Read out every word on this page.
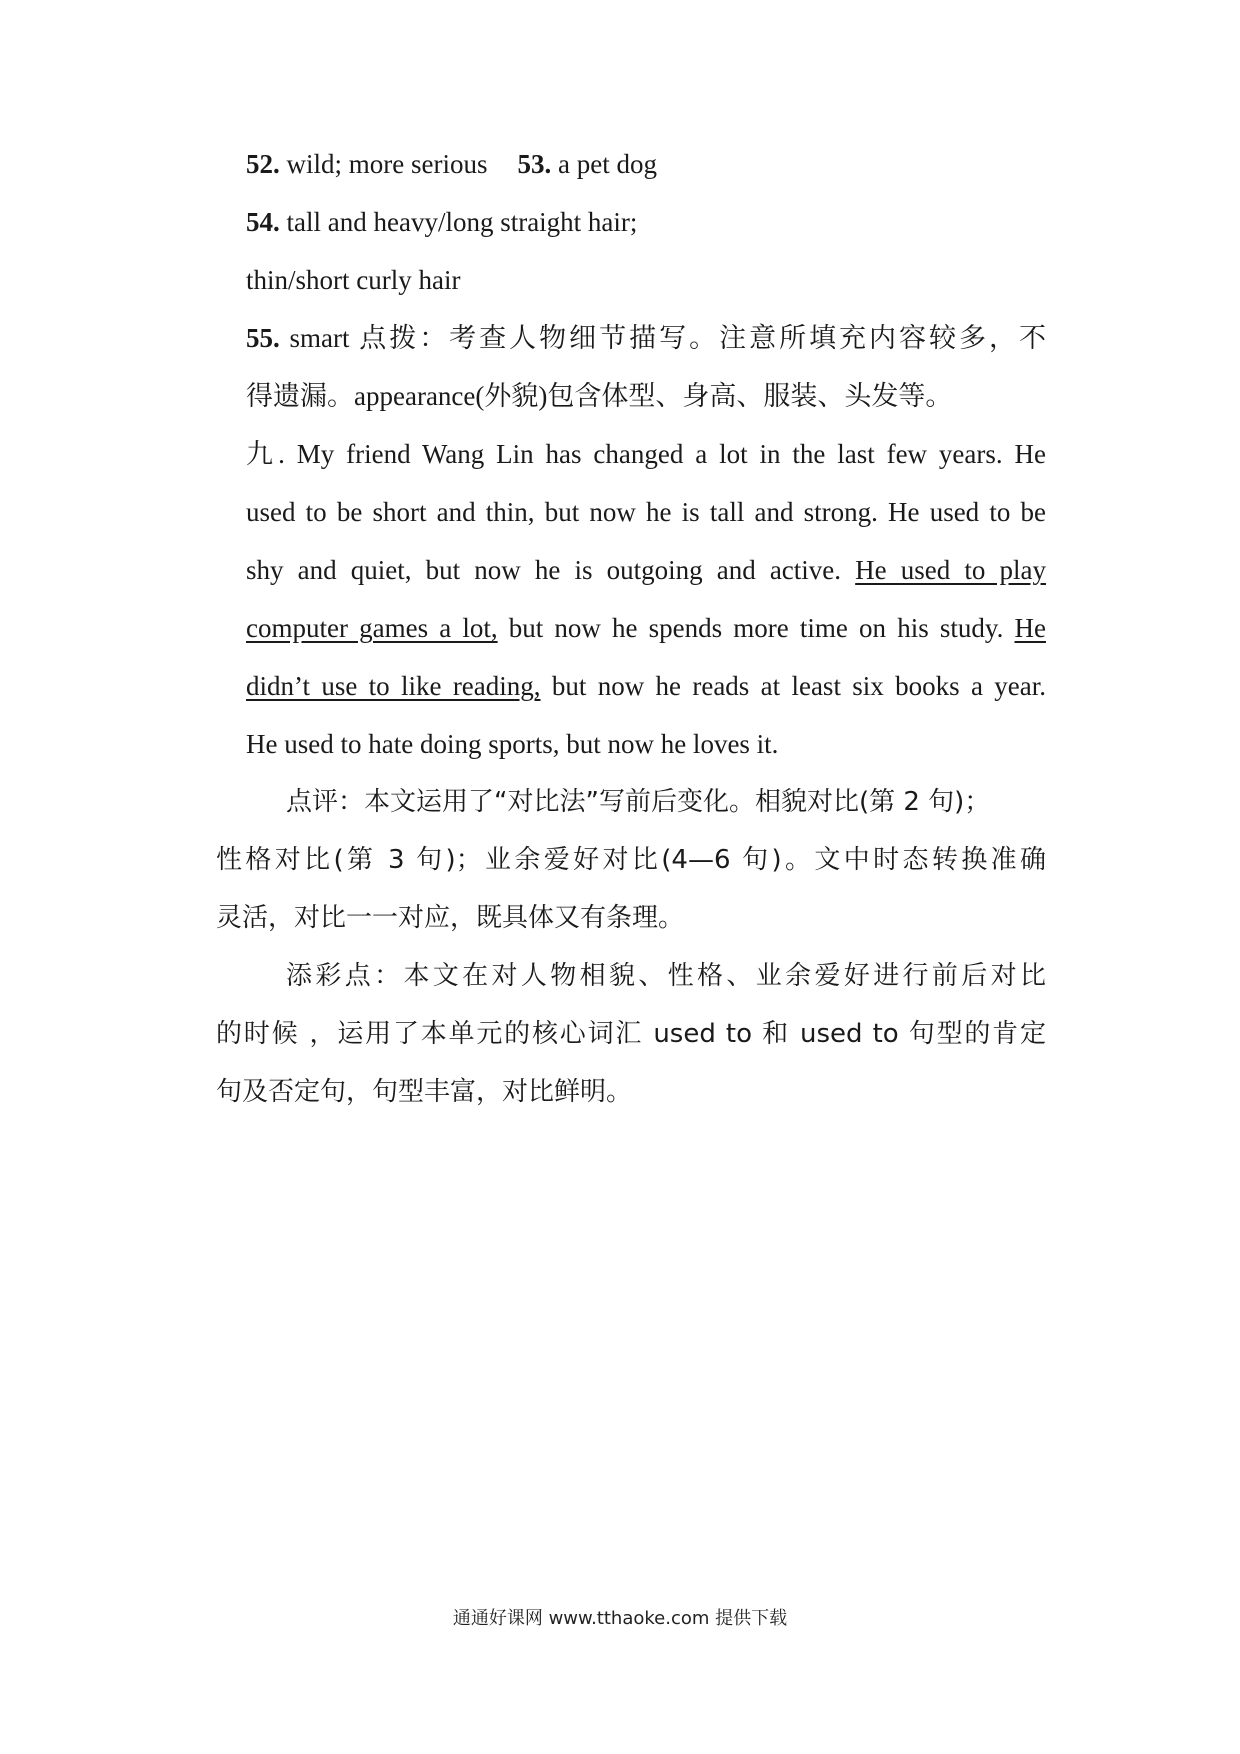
52. wild; more serious 53. a pet dog
54. tall and heavy/long straight hair;
thin/short curly hair
55. smart 点拨：考查人物细节描写。注意所填充内容较多，不
得遗漏。appearance(外貌)包含体型、身高、服装、头发等。
九. My friend Wang Lin has changed a lot in the last few years. He
used to be short and thin, but now he is tall and strong. He used to be
shy and quiet, but now he is outgoing and active. He used to play
computer games a lot, but now he spends more time on his study. He
didn’t use to like reading, but now he reads at least six books a year.
He used to hate doing sports, but now he loves it.
点评：本文运用了“对比法”写前后变化。相貌对比(第 2 句)；
性格对比(第 3 句)；业余爱好对比(4—6 句)。文中时态转换准确
灵活，对比一一对应，既具体又有条理。
添彩点：本文在对人物相貌、性格、业余爱好进行前后对比
的时候 ，运用了本单元的核心词汇 used to 和 used to 句型的肯定
句及否定句，句型丰富，对比鲜明。
通通好课网 www.tthaoke.com 提供下载
